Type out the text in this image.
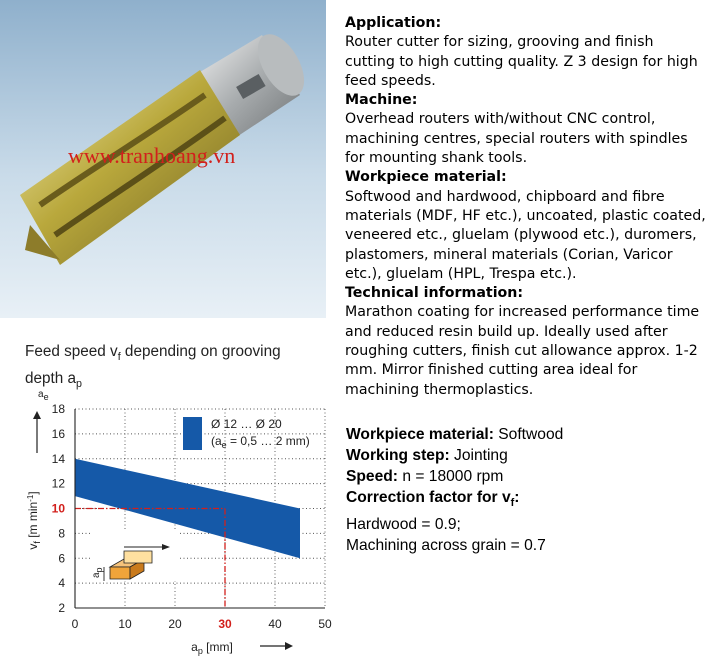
www.tranhoang.vn
Application:
Router cutter for sizing, grooving and finish cutting to high cutting quality. Z 3 design for high feed speeds.
Machine:
Overhead routers with/without CNC control, machining centres, special routers with spindles for mounting shank tools.
Workpiece material:
Softwood and hardwood, chipboard and fibre materials (MDF, HF etc.), uncoated, plastic coated, veneered etc., gluelam (plywood etc.), duromers, plastomers, mineral materials (Corian, Varicor etc.), gluelam (HPL, Trespa etc.).
Technical information:
Marathon coating for increased performance time and reduced resin build up. Ideally used after roughing cutters, finish cut allowance approx. 1-2 mm. Mirror finished cutting area ideal for machining thermoplastics.
Workpiece material: Softwood
Working step: Jointing
Speed: n = 18000 rpm
Correction factor for $v_f$:
Hardwood = 0.9;
Machining across grain = 0.7
Feed speed $v_f$ depending on grooving
depth $a_p$
0	10	20	30	40	50
2
4
6
8
10
12
14
16
18
ap [mm]
vf [m min-1]
Ø 12 … Ø 20
(ae = 0,5 … 2 mm)
ap
ae
